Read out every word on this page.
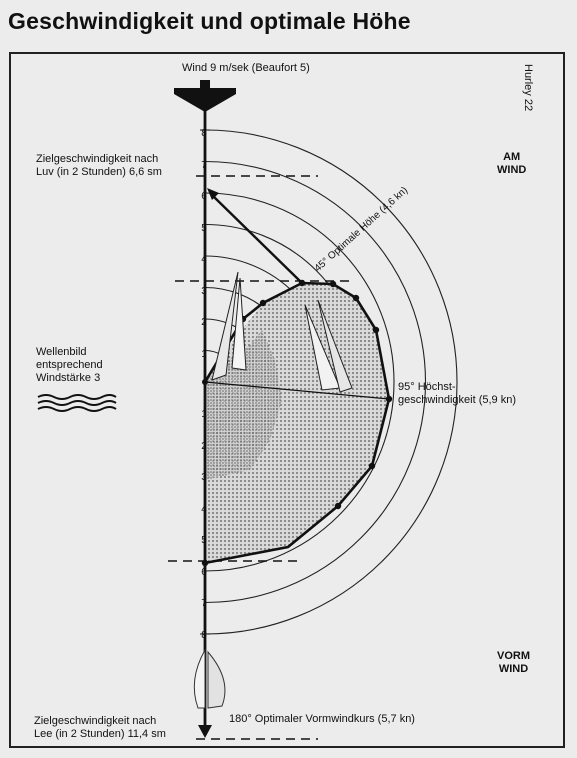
Geschwindigkeit und optimale Höhe
Hurley 22
1
2
3
4
5
6
7
8
1
2
3
4
5
6
7
8
45° Optimale Höhe (4,6 kn)
Wind 9 m/sek (Beaufort 5)
Zielgeschwindigkeit nach
Luv (in 2 Stunden) 6,6 sm
AM
WIND
Wellenbild
entsprechend
Windstärke 3
95° Höchst-
geschwindigkeit (5,9 kn)
VORM
WIND
Zielgeschwindigkeit nach
Lee (in 2 Stunden) 11,4 sm
180° Optimaler Vormwindkurs (5,7 kn)
